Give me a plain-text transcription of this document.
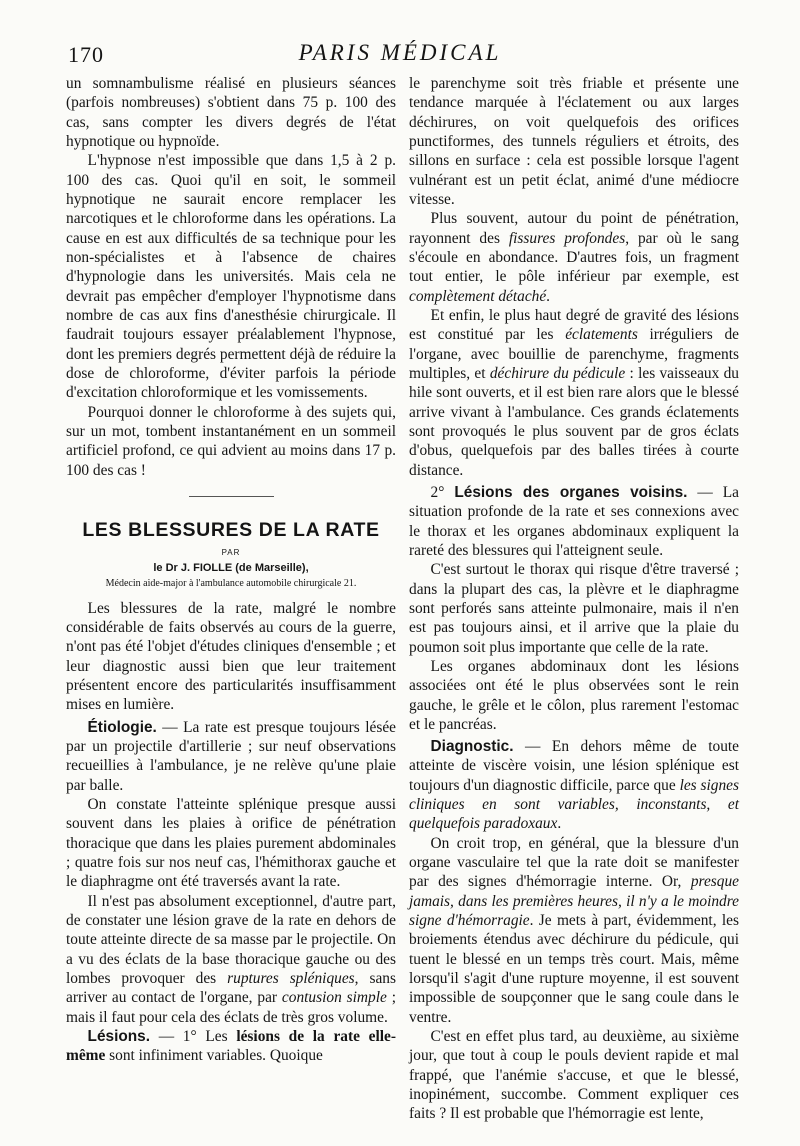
170	PARIS MÉDICAL

un somnambulisme réalisé en plusieurs séances (parfois nombreuses) s'obtient dans 75 p. 100 des cas, sans compter les divers degrés de l'état hypnotique ou hypnoïde.

L'hypnose n'est impossible que dans 1,5 à 2 p. 100 des cas. Quoi qu'il en soit, le sommeil hypnotique ne saurait encore remplacer les narcotiques et le chloroforme dans les opérations. La cause en est aux difficultés de sa technique pour les non-spécialistes et à l'absence de chaires d'hypnologie dans les universités. Mais cela ne devrait pas empêcher d'employer l'hypnotisme dans nombre de cas aux fins d'anesthésie chirurgicale. Il faudrait toujours essayer préalablement l'hypnose, dont les premiers degrés permettent déjà de réduire la dose de chloroforme, d'éviter parfois la période d'excitation chloroformique et les vomissements.

Pourquoi donner le chloroforme à des sujets qui, sur un mot, tombent instantanément en un sommeil artificiel profond, ce qui advient au moins dans 17 p. 100 des cas !

LES BLESSURES DE LA RATE
PAR
le Dr J. FIOLLE (de Marseille),
Médecin aide-major à l'ambulance automobile chirurgicale 21.

Les blessures de la rate, malgré le nombre considérable de faits observés au cours de la guerre, n'ont pas été l'objet d'études cliniques d'ensemble ; et leur diagnostic aussi bien que leur traitement présentent encore des particularités insuffisamment mises en lumière.

Étiologie. — La rate est presque toujours lésée par un projectile d'artillerie ; sur neuf observations recueillies à l'ambulance, je ne relève qu'une plaie par balle.

On constate l'atteinte splénique presque aussi souvent dans les plaies à orifice de pénétration thoracique que dans les plaies purement abdominales ; quatre fois sur nos neuf cas, l'hémithorax gauche et le diaphragme ont été traversés avant la rate.

Il n'est pas absolument exceptionnel, d'autre part, de constater une lésion grave de la rate en dehors de toute atteinte directe de sa masse par le projectile. On a vu des éclats de la base thoracique gauche ou des lombes provoquer des ruptures spléniques, sans arriver au contact de l'organe, par contusion simple ; mais il faut pour cela des éclats de très gros volume.

Lésions. — 1° Les lésions de la rate elle-même sont infiniment variables. Quoique

le parenchyme soit très friable et présente une tendance marquée à l'éclatement ou aux larges déchirures, on voit quelquefois des orifices punctiformes, des tunnels réguliers et étroits, des sillons en surface : cela est possible lorsque l'agent vulnérant est un petit éclat, animé d'une médiocre vitesse.

Plus souvent, autour du point de pénétration, rayonnent des fissures profondes, par où le sang s'écoule en abondance. D'autres fois, un fragment tout entier, le pôle inférieur par exemple, est complètement détaché.

Et enfin, le plus haut degré de gravité des lésions est constitué par les éclatements irréguliers de l'organe, avec bouillie de parenchyme, fragments multiples, et déchirure du pédicule : les vaisseaux du hile sont ouverts, et il est bien rare alors que le blessé arrive vivant à l'ambulance. Ces grands éclatements sont provoqués le plus souvent par de gros éclats d'obus, quelquefois par des balles tirées à courte distance.

2° Lésions des organes voisins. — La situation profonde de la rate et ses connexions avec le thorax et les organes abdominaux expliquent la rareté des blessures qui l'atteignent seule.

C'est surtout le thorax qui risque d'être traversé ; dans la plupart des cas, la plèvre et le diaphragme sont perforés sans atteinte pulmonaire, mais il n'en est pas toujours ainsi, et il arrive que la plaie du poumon soit plus importante que celle de la rate.

Les organes abdominaux dont les lésions associées ont été le plus observées sont le rein gauche, le grêle et le côlon, plus rarement l'estomac et le pancréas.

Diagnostic. — En dehors même de toute atteinte de viscère voisin, une lésion splénique est toujours d'un diagnostic difficile, parce que les signes cliniques en sont variables, inconstants, et quelquefois paradoxaux.

On croit trop, en général, que la blessure d'un organe vasculaire tel que la rate doit se manifester par des signes d'hémorragie interne. Or, presque jamais, dans les premières heures, il n'y a le moindre signe d'hémorragie. Je mets à part, évidemment, les broiements étendus avec déchirure du pédicule, qui tuent le blessé en un temps très court. Mais, même lorsqu'il s'agit d'une rupture moyenne, il est souvent impossible de soupçonner que le sang coule dans le ventre.

C'est en effet plus tard, au deuxième, au sixième jour, que tout à coup le pouls devient rapide et mal frappé, que l'anémie s'accuse, et que le blessé, inopinément, succombe. Comment expliquer ces faits ? Il est probable que l'hémorragie est lente,
